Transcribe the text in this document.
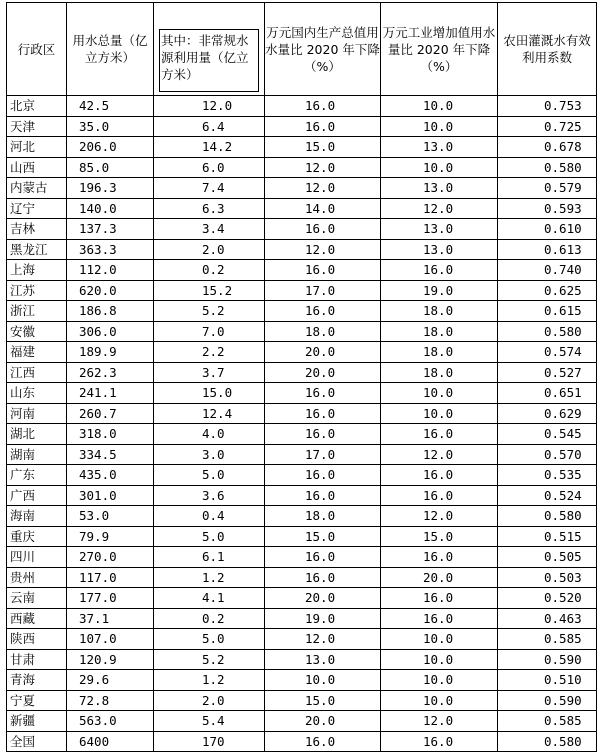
行政区	用水总量（亿立方米）	其中：非常规水源利用量（亿立方米）	万元国内生产总值用水量比 2020 年下降（%）	万元工业增加值用水量比 2020 年下降（%）	农田灌溉水有效利用系数
北京	42.5	12.0	16.0	10.0	0.753
天津	35.0	6.4	16.0	10.0	0.725
河北	206.0	14.2	15.0	13.0	0.678
山西	85.0	6.0	12.0	10.0	0.580
内蒙古	196.3	7.4	12.0	13.0	0.579
辽宁	140.0	6.3	14.0	12.0	0.593
吉林	137.3	3.4	16.0	13.0	0.610
黑龙江	363.3	2.0	12.0	13.0	0.613
上海	112.0	0.2	16.0	16.0	0.740
江苏	620.0	15.2	17.0	19.0	0.625
浙江	186.8	5.2	16.0	18.0	0.615
安徽	306.0	7.0	18.0	18.0	0.580
福建	189.9	2.2	20.0	18.0	0.574
江西	262.3	3.7	20.0	18.0	0.527
山东	241.1	15.0	16.0	10.0	0.651
河南	260.7	12.4	16.0	10.0	0.629
湖北	318.0	4.0	16.0	16.0	0.545
湖南	334.5	3.0	17.0	12.0	0.570
广东	435.0	5.0	16.0	16.0	0.535
广西	301.0	3.6	16.0	16.0	0.524
海南	53.0	0.4	18.0	12.0	0.580
重庆	79.9	5.0	15.0	15.0	0.515
四川	270.0	6.1	16.0	16.0	0.505
贵州	117.0	1.2	16.0	20.0	0.503
云南	177.0	4.1	20.0	16.0	0.520
西藏	37.1	0.2	19.0	16.0	0.463
陕西	107.0	5.0	12.0	10.0	0.585
甘肃	120.9	5.2	13.0	10.0	0.590
青海	29.6	1.2	10.0	10.0	0.510
宁夏	72.8	2.0	15.0	10.0	0.590
新疆	563.0	5.4	20.0	12.0	0.585
全国	6400	170	16.0	16.0	0.580
